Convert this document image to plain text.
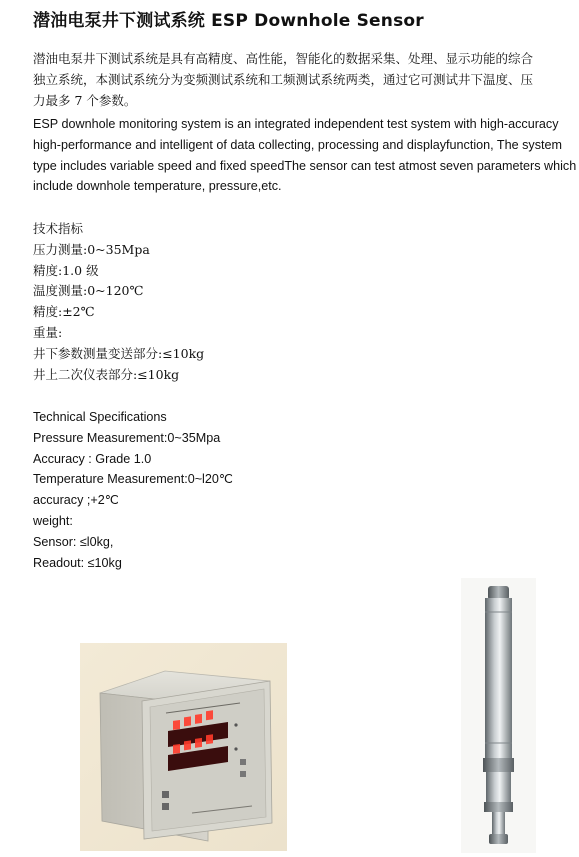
潜油电泵井下测试系统 ESP Downhole Sensor
潜油电泵井下测试系统是具有高精度、高性能，智能化的数据采集、处理、显示功能的综合
独立系统，本测试系统分为变频测试系统和工频测试系统两类，通过它可测试井下温度、压
力最多 7 个参数。
ESP downhole monitoring system is an integrated independent test system with high-accuracy
high-performance and intelligent of data collecting, processing and displayfunction, The system
type includes variable speed and fixed speedThe sensor can test atmost seven parameters which
include downhole temperature, pressure,etc.
技术指标
压力测量:0~35Mpa
精度:1.0 级
温度测量:0~120℃
精度:±2℃
重量:
井下参数测量变送部分:≤10kg
井上二次仪表部分:≤10kg
Technical Specifications
Pressure Measurement:0~35Mpa
Accuracy : Grade 1.0
Temperature Measurement:0~l20℃
accuracy ;+2℃
weight:
Sensor: ≤l0kg,
Readout: ≤10kg
